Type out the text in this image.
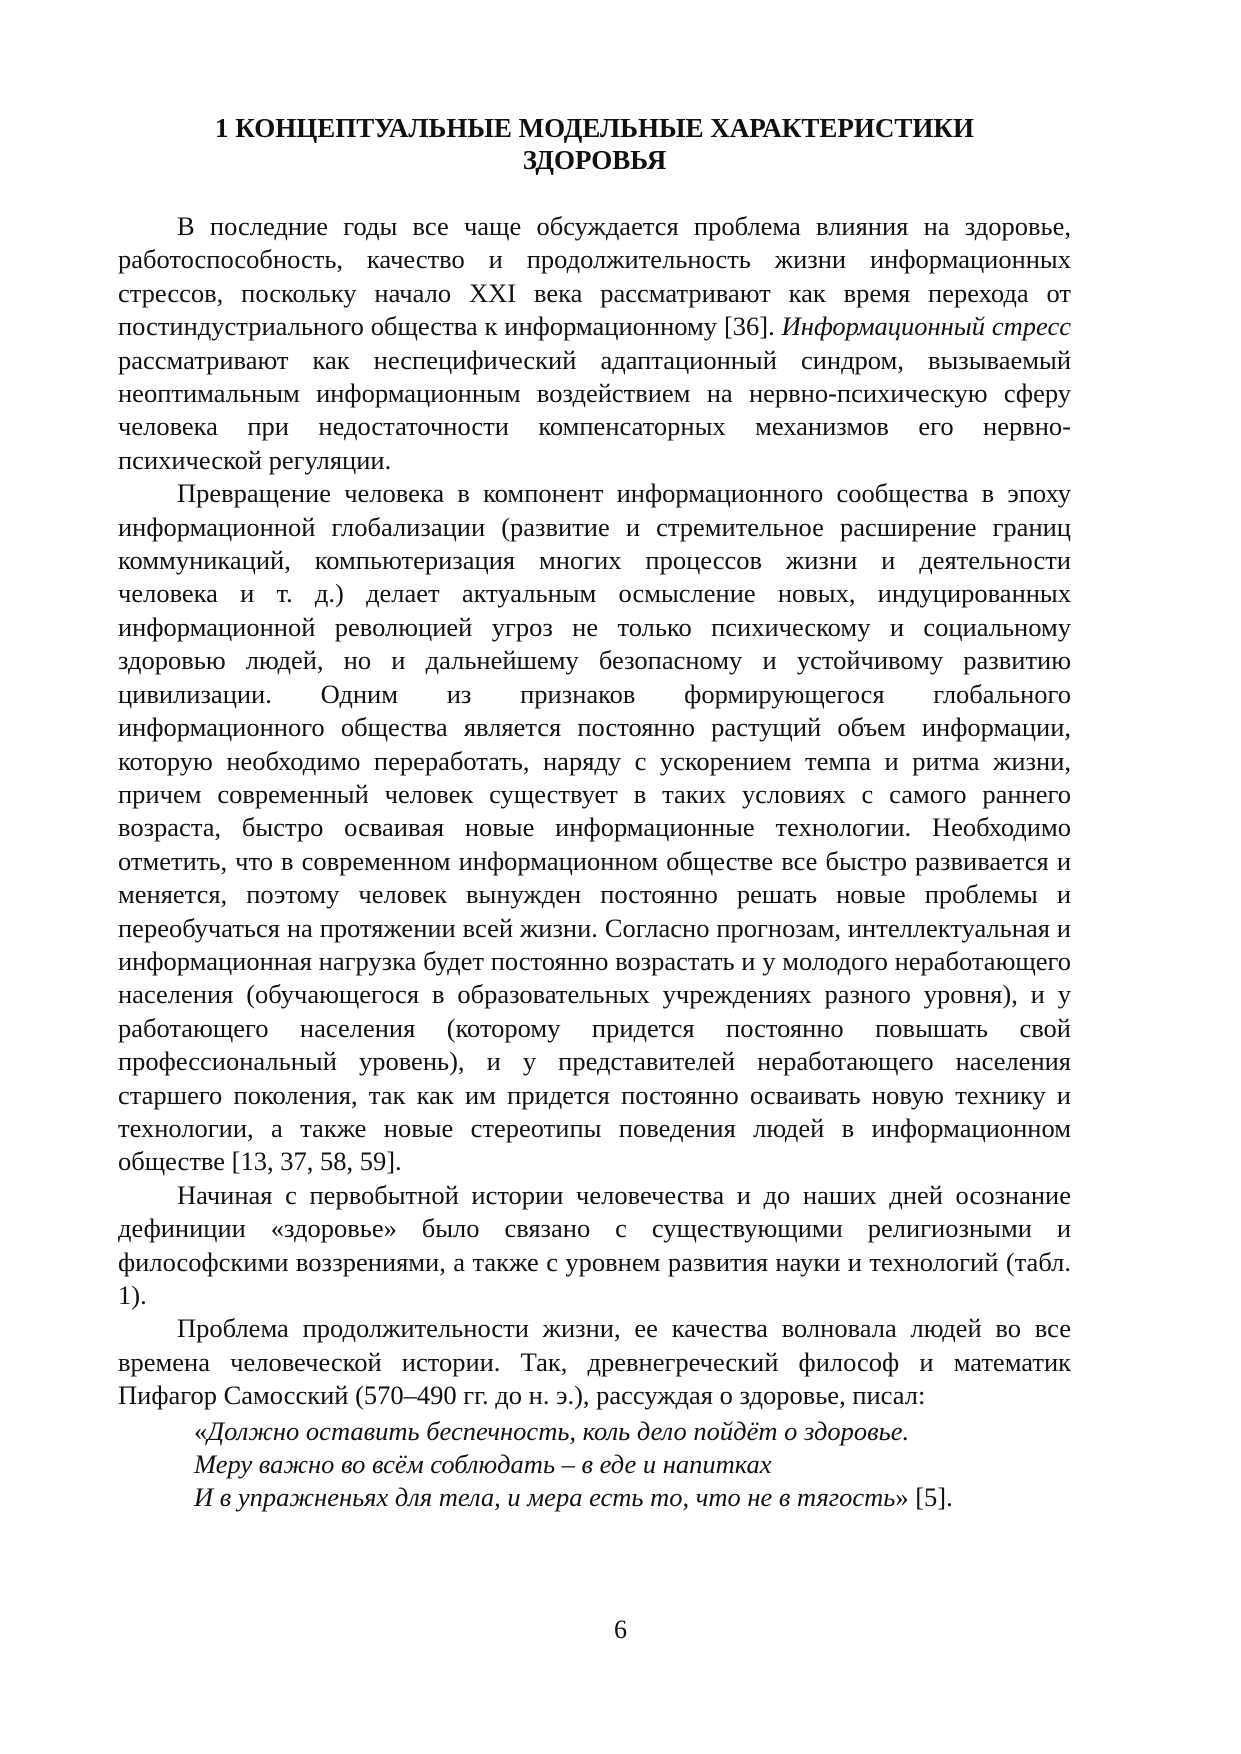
1 КОНЦЕПТУАЛЬНЫЕ МОДЕЛЬНЫЕ ХАРАКТЕРИСТИКИ
ЗДОРОВЬЯ

В последние годы все чаще обсуждается проблема влияния на здоровье, работоспособность, качество и продолжительность жизни информационных стрессов, поскольку начало XXI века рассматривают как время перехода от постиндустриального общества к информационному [36]. Информационный стресс рассматривают как неспецифический адаптационный синдром, вызываемый неоптимальным информационным воздействием на нервно-психическую сферу человека при недостаточности компенсаторных механизмов его нервно-психической регуляции.

Превращение человека в компонент информационного сообщества в эпоху информационной глобализации (развитие и стремительное расширение границ коммуникаций, компьютеризация многих процессов жизни и деятельности человека и т. д.) делает актуальным осмысление новых, индуцированных информационной революцией угроз не только психическому и социальному здоровью людей, но и дальнейшему безопасному и устойчивому развитию цивилизации. Одним из признаков формирующегося глобального информационного общества является постоянно растущий объем информации, которую необходимо переработать, наряду с ускорением темпа и ритма жизни, причем современный человек существует в таких условиях с самого раннего возраста, быстро осваивая новые информационные технологии. Необходимо отметить, что в современном информационном обществе все быстро развивается и меняется, поэтому человек вынужден постоянно решать новые проблемы и переобучаться на протяжении всей жизни. Согласно прогнозам, интеллектуальная и информационная нагрузка будет постоянно возрастать и у молодого неработающего населения (обучающегося в образовательных учреждениях разного уровня), и у работающего населения (которому придется постоянно повышать свой профессиональный уровень), и у представителей неработающего населения старшего поколения, так как им придется постоянно осваивать новую технику и технологии, а также новые стереотипы поведения людей в информационном обществе [13, 37, 58, 59].

Начиная с первобытной истории человечества и до наших дней осознание дефиниции «здоровье» было связано с существующими религиозными и философскими воззрениями, а также с уровнем развития науки и технологий (табл. 1).

Проблема продолжительности жизни, ее качества волновала людей во все времена человеческой истории. Так, древнегреческий философ и математик Пифагор Самосский (570–490 гг. до н. э.), рассуждая о здоровье, писал:

«Должно оставить беспечность, коль дело пойдёт о здоровье.
Меру важно во всём соблюдать – в еде и напитках
И в упражненьях для тела, и мера есть то, что не в тягость» [5].
6
